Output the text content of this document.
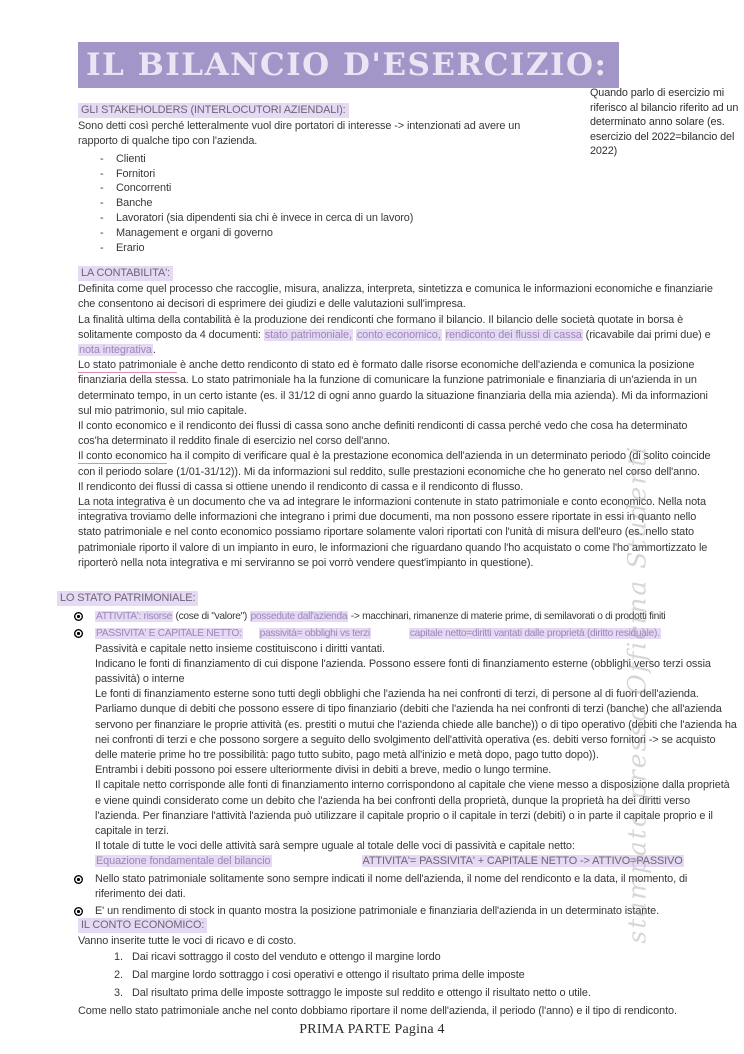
IL BILANCIO D'ESERCIZIO:
Quando parlo di esercizio mi riferisco al bilancio riferito ad un determinato anno solare (es. esercizio del 2022=bilancio del 2022)
GLI STAKEHOLDERS (INTERLOCUTORI AZIENDALI):
Sono detti così perché letteralmente vuol dire portatori di interesse -> intenzionati ad avere un rapporto di qualche tipo con l'azienda.
- Clienti
- Fornitori
- Concorrenti
- Banche
- Lavoratori (sia dipendenti sia chi è invece in cerca di un lavoro)
- Management e organi di governo
- Erario
LA CONTABILITA':
Definita come quel processo che raccoglie, misura, analizza, interpreta, sintetizza e comunica le informazioni economiche e finanziarie che consentono ai decisori di esprimere dei giudizi e delle valutazioni sull'impresa.
La finalità ultima della contabilità è la produzione dei rendiconti che formano il bilancio. Il bilancio delle società quotate in borsa è solitamente composto da 4 documenti: stato patrimoniale, conto economico, rendiconto dei flussi di cassa (ricavabile dai primi due) e nota integrativa.
Lo stato patrimoniale è anche detto rendiconto di stato ed è formato dalle risorse economiche dell'azienda e comunica la posizione finanziaria della stessa. Lo stato patrimoniale ha la funzione di comunicare la funzione patrimoniale e finanziaria di un'azienda in un determinato tempo, in un certo istante (es. il 31/12 di ogni anno guardo la situazione finanziaria della mia azienda). Mi da informazioni sul mio patrimonio, sul mio capitale.
Il conto economico e il rendiconto dei flussi di cassa sono anche definiti rendiconti di cassa perché vedo che cosa ha determinato cos'ha determinato il reddito finale di esercizio nel corso dell'anno.
Il conto economico ha il compito di verificare qual è la prestazione economica dell'azienda in un determinato periodo (di solito coincide con il periodo solare (1/01-31/12)). Mi da informazioni sul reddito, sulle prestazioni economiche che ho generato nel corso dell'anno.
Il rendiconto dei flussi di cassa si ottiene unendo il rendiconto di cassa e il rendiconto di flusso.
La nota integrativa è un documento che va ad integrare le informazioni contenute in stato patrimoniale e conto economico. Nella nota integrativa troviamo delle informazioni che integrano i primi due documenti, ma non possono essere riportate in essi in quanto nello stato patrimoniale e nel conto economico possiamo riportare solamente valori riportati con l'unità di misura dell'euro (es. nello stato patrimoniale riporto il valore di un impianto in euro, le informazioni che riguardano quando l'ho acquistato o come l'ho ammortizzato le riporterò nella nota integrativa e mi serviranno se poi vorrò vendere quest'impianto in questione).
LO STATO PATRIMONIALE:
ATTIVITA': risorse (cose di "valore") possedute dall'azienda -> macchinari, rimanenze di materie prime, di semilavorati o di prodotti finiti
PASSIVITA' E CAPITALE NETTO: passività= obblighi vs terzi	capitale netto=diritti vantati dalle proprietà (diritto residuale).
Passività e capitale netto insieme costituiscono i diritti vantati.
Indicano le fonti di finanziamento di cui dispone l'azienda. Possono essere fonti di finanziamento esterne (obblighi verso terzi ossia passività) o interne
Le fonti di finanziamento esterne sono tutti degli obblighi che l'azienda ha nei confronti di terzi, di persone al di fuori dell'azienda.
Parliamo dunque di debiti che possono essere di tipo finanziario (debiti che l'azienda ha nei confronti di terzi (banche) che all'azienda servono per finanziare le proprie attività (es. prestiti o mutui che l'azienda chiede alle banche)) o di tipo operativo (debiti che l'azienda ha nei confronti di terzi e che possono sorgere a seguito dello svolgimento dell'attività operativa (es. debiti verso fornitori -> se acquisto delle materie prime ho tre possibilità: pago tutto subito, pago metà all'inizio e metà dopo, pago tutto dopo)).
Entrambi i debiti possono poi essere ulteriormente divisi in debiti a breve, medio o lungo termine.
Il capitale netto corrisponde alle fonti di finanziamento interno corrispondono al capitale che viene messo a disposizione dalla proprietà e viene quindi considerato come un debito che l'azienda ha bei confronti della proprietà, dunque la proprietà ha dei diritti verso l'azienda. Per finanziare l'attività l'azienda può utilizzare il capitale proprio o il capitale in terzi (debiti) o in parte il capitale proprio e il capitale in terzi.
Il totale di tutte le voci delle attività sarà sempre uguale al totale delle voci di passività e capitale netto:
Equazione fondamentale del bilancio	ATTIVITA'= PASSIVITA' + CAPITALE NETTO -> ATTIVO=PASSIVO
Nello stato patrimoniale solitamente sono sempre indicati il nome dell'azienda, il nome del rendiconto e la data, il momento, di riferimento dei dati.
E' un rendimento di stock in quanto mostra la posizione patrimoniale e finanziaria dell'azienda in un determinato istante.
IL CONTO ECONOMICO:
Vanno inserite tutte le voci di ricavo e di costo.
Dai ricavi sottraggo il costo del venduto e ottengo il margine lordo
Dal margine lordo sottraggo i cosi operativi e ottengo il risultato prima delle imposte
Dal risultato prima delle imposte sottraggo le imposte sul reddito e ottengo il risultato netto o utile.
Come nello stato patrimoniale anche nel conto dobbiamo riportare il nome dell'azienda, il periodo (l'anno) e il tipo di rendiconto.
stampato presso Officina Studenti
PRIMA PARTE Pagina 4
